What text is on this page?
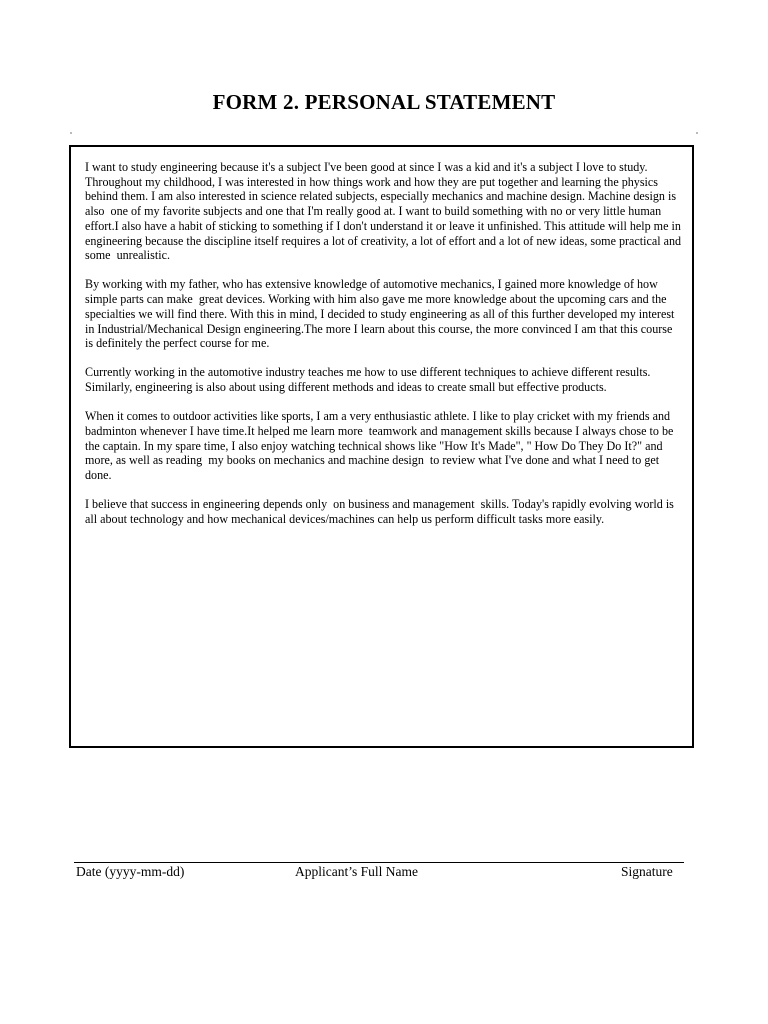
FORM 2. PERSONAL STATEMENT

I want to study engineering because it's a subject I've been good at since I was a kid and it's a subject I love to study. Throughout my childhood, I was interested in how things work and how they are put together and learning the physics behind them. I am also interested in science related subjects, especially mechanics and machine design. Machine design is also  one of my favorite subjects and one that I'm really good at. I want to build something with no or very little human effort.I also have a habit of sticking to something if I don't understand it or leave it unfinished. This attitude will help me in engineering because the discipline itself requires a lot of creativity, a lot of effort and a lot of new ideas, some practical and some  unrealistic.

By working with my father, who has extensive knowledge of automotive mechanics, I gained more knowledge of how simple parts can make  great devices. Working with him also gave me more knowledge about the upcoming cars and the specialties we will find there. With this in mind, I decided to study engineering as all of this further developed my interest in Industrial/Mechanical Design engineering.The more I learn about this course, the more convinced I am that this course  is definitely the perfect course for me.

Currently working in the automotive industry teaches me how to use different techniques to achieve different results. Similarly, engineering is also about using different methods and ideas to create small but effective products.

When it comes to outdoor activities like sports, I am a very enthusiastic athlete. I like to play cricket with my friends and badminton whenever I have time.It helped me learn more  teamwork and management skills because I always chose to be the captain. In my spare time, I also enjoy watching technical shows like "How It's Made", " How Do They Do It?" and more, as well as reading  my books on mechanics and machine design  to review what I've done and what I need to get done.

I believe that success in engineering depends only  on business and management  skills. Today's rapidly evolving world is all about technology and how mechanical devices/machines can help us perform difficult tasks more easily.

Date (yyyy-mm-dd)	Applicant’s Full Name	Signature
